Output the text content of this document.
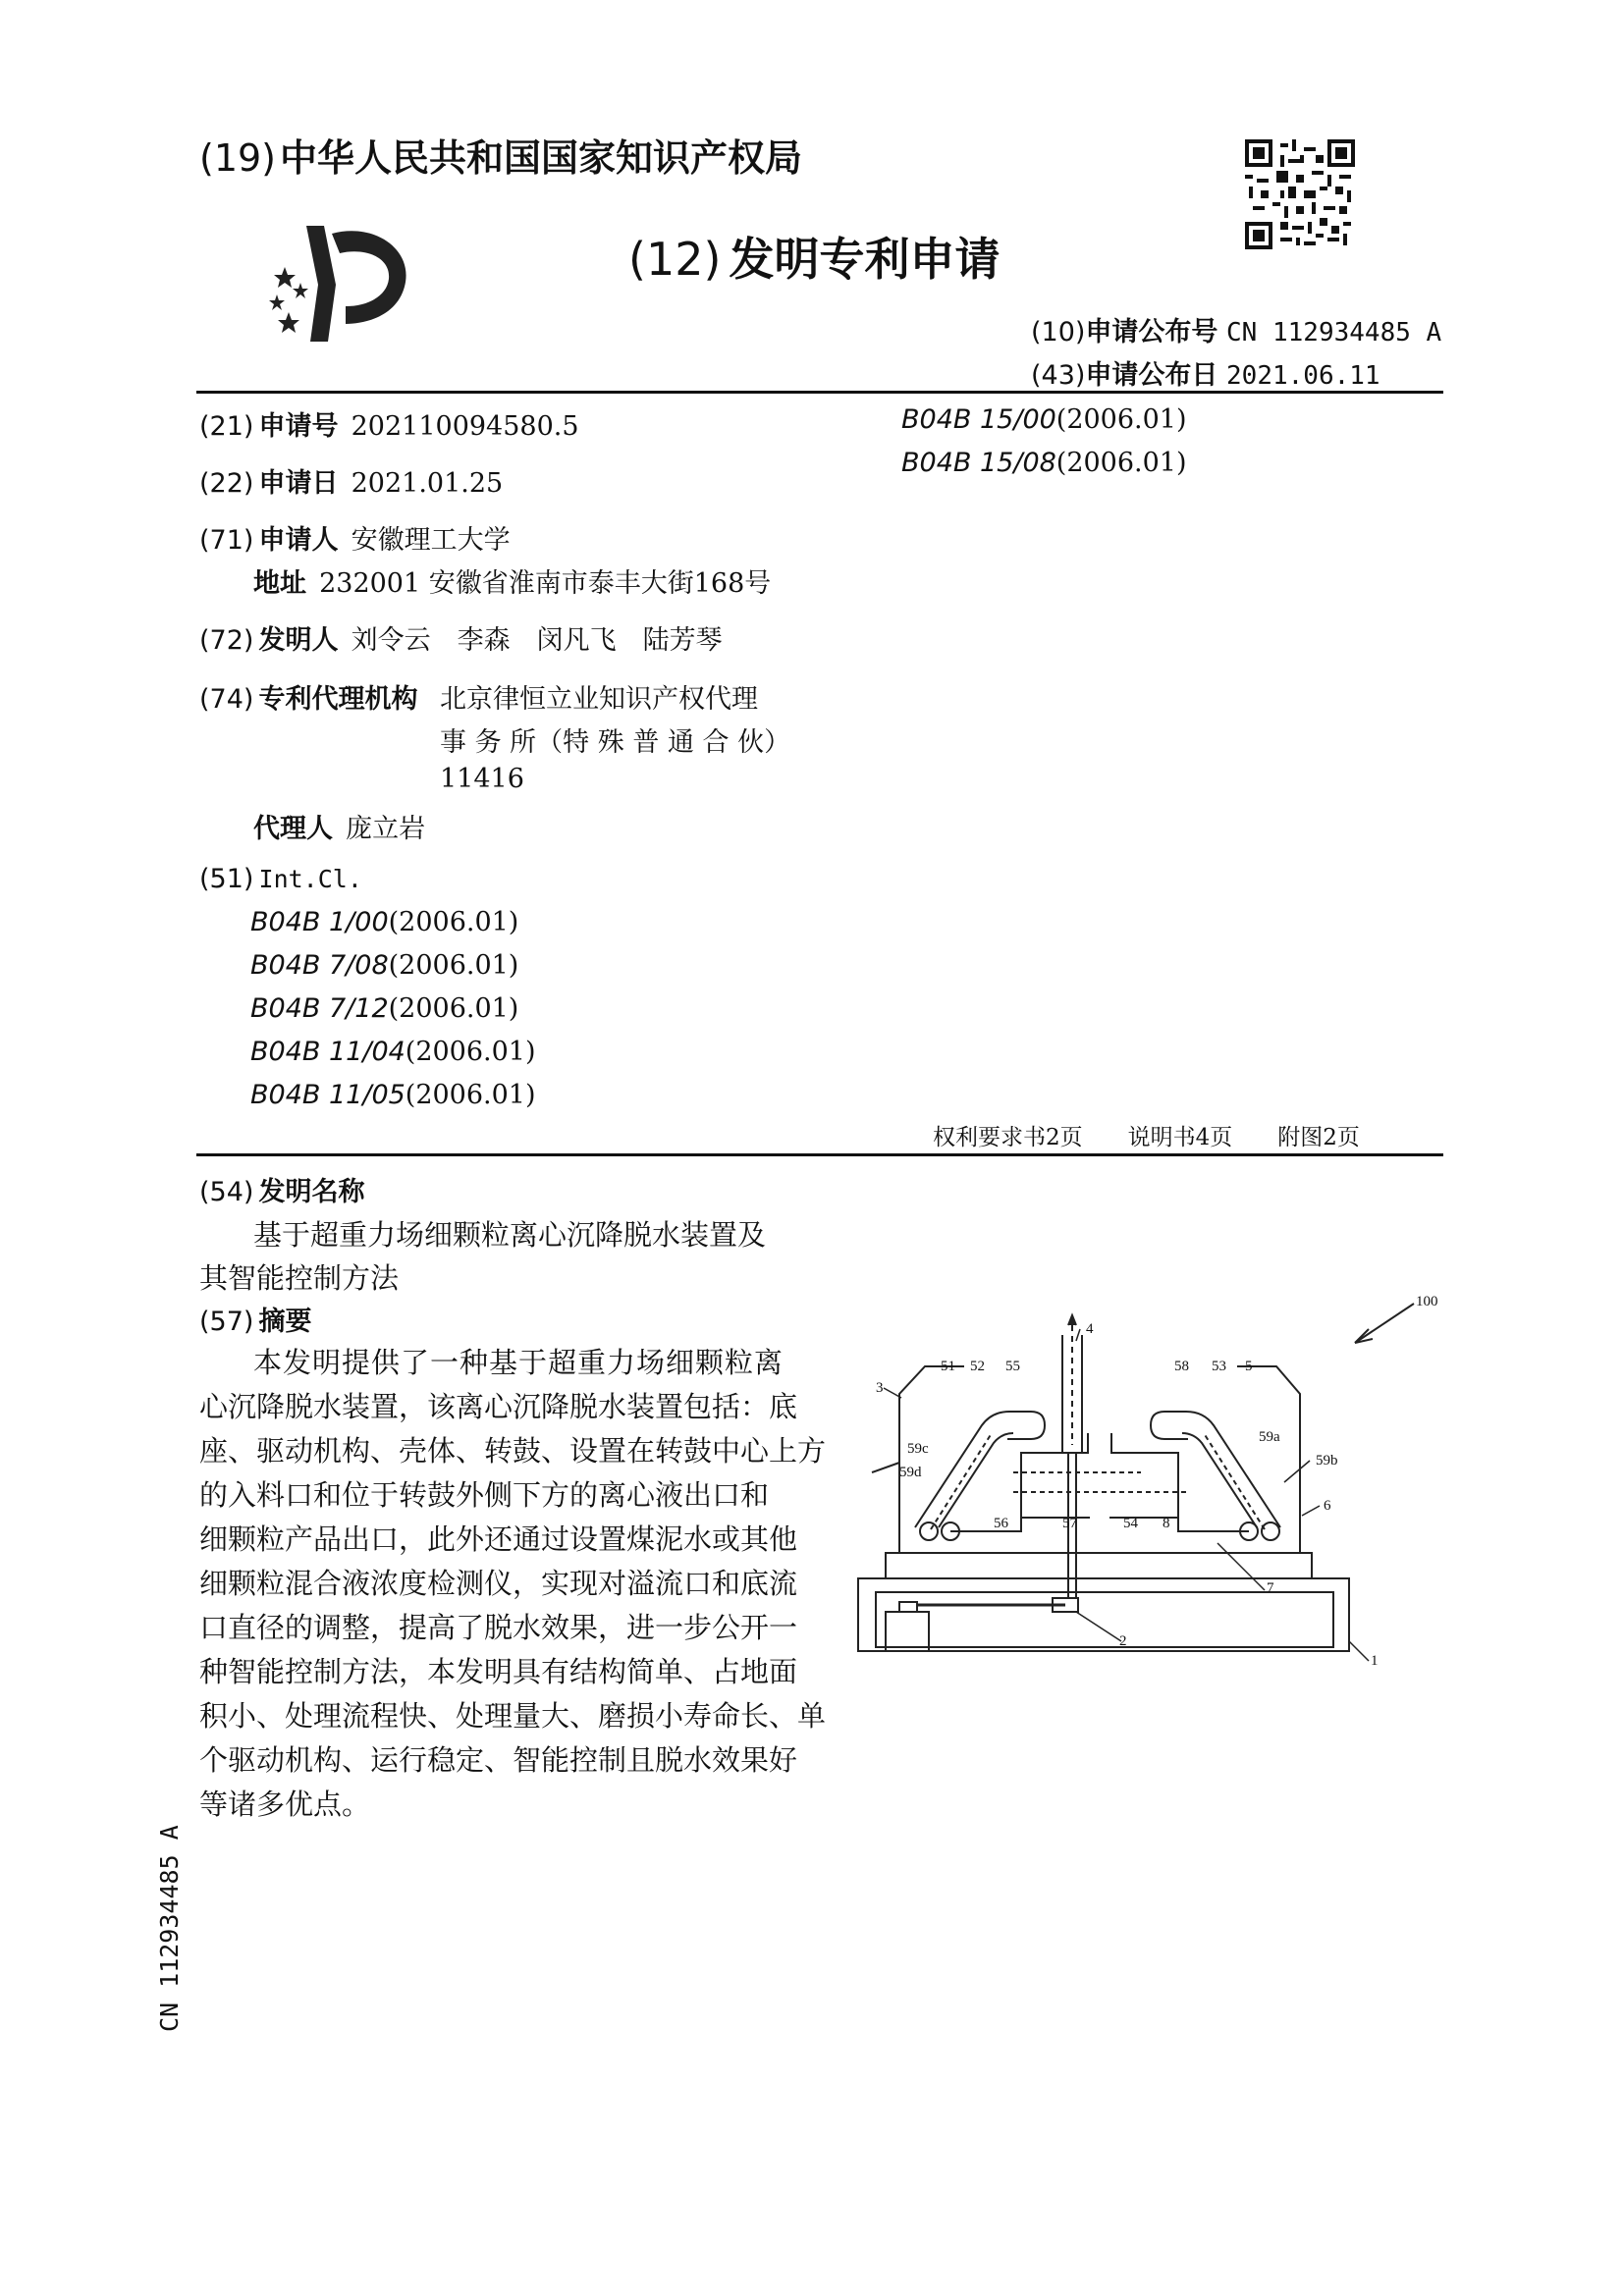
(19) 中华人民共和国国家知识产权局
(12) 发明专利申请
(10)申请公布号 CN 112934485 A
(43)申请公布日 2021.06.11
(21) 申请号 202110094580.5
(22) 申请日 2021.01.25
(71) 申请人 安徽理工大学
地址 232001 安徽省淮南市泰丰大街168号
(72) 发明人 刘令云　李森　闵凡飞　陆芳琴
(74) 专利代理机构 北京律恒立业知识产权代理
事 务 所（特 殊 普 通 合 伙）
11416
代理人 庞立岩
(51) Int.Cl.
B04B 1/00(2006.01)
B04B 7/08(2006.01)
B04B 7/12(2006.01)
B04B 11/04(2006.01)
B04B 11/05(2006.01)
B04B 15/00(2006.01)
B04B 15/08(2006.01)
权利要求书2页　　说明书4页　　附图2页
(54) 发明名称
基于超重力场细颗粒离心沉降脱水装置及
其智能控制方法
(57) 摘要
本发明提供了一种基于超重力场细颗粒离
心沉降脱水装置，该离心沉降脱水装置包括：底
座、驱动机构、壳体、转鼓、设置在转鼓中心上方
的入料口和位于转鼓外侧下方的离心液出口和
细颗粒产品出口，此外还通过设置煤泥水或其他
细颗粒混合液浓度检测仪，实现对溢流口和底流
口直径的调整，提高了脱水效果，进一步公开一
种智能控制方法，本发明具有结构简单、占地面
积小、处理流程快、处理量大、磨损小寿命长、单
个驱动机构、运行稳定、智能控制且脱水效果好
等诸多优点。
100
3
4
51 52 55	58 53 5
59a
59b
59c
59d
56	57	54 8
6
7
2
1
CN 112934485 A
